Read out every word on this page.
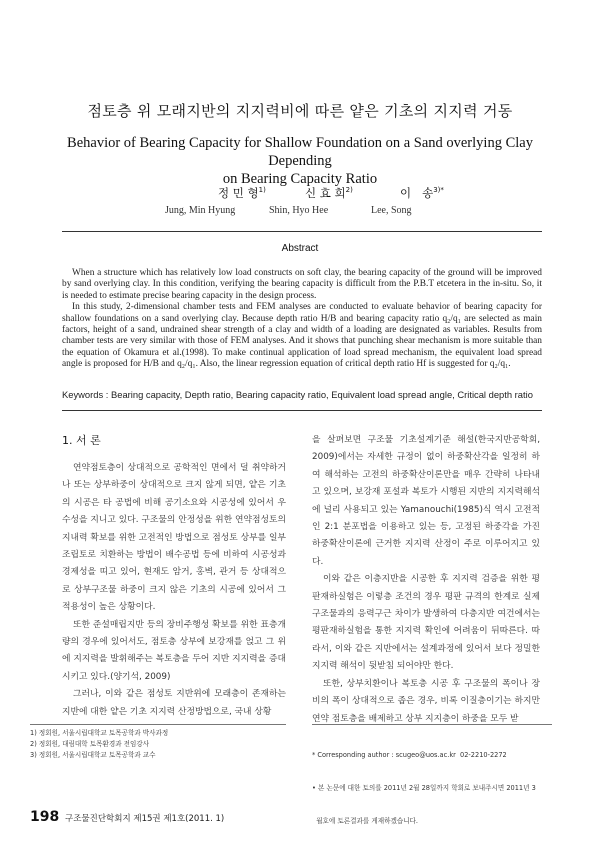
점토층 위 모래지반의 지지력비에 따른 얕은 기초의 지지력 거동
Behavior of Bearing Capacity for Shallow Foundation on a Sand overlying Clay Depending
on Bearing Capacity Ratio
정 민 형$^{1)}$
Jung, Min Hyung
신 효 희$^{2)}$
Shin, Hyo Hee
이   송$^{3)*}$
Lee, Song
Abstract

When a structure which has relatively low load constructs on soft clay, the bearing capacity of the ground will be improved by sand overlying clay. In this condition, verifying the bearing capacity is difficult from the P.B.T etcetera in the in-situ. So, it is needed to estimate precise bearing capacity in the design process.

In this study, 2-dimensional chamber tests and FEM analyses are conducted to evaluate behavior of bearing capacity for shallow foundations on a sand overlying clay. Because depth ratio H/B and bearing capacity ratio q₂/q₁ are selected as main factors, height of a sand, undrained shear strength of a clay and width of a loading are designated as variables. Results from chamber tests are very similar with those of FEM analyses. And it shows that punching shear mechanism is more suitable than the equation of Okamura et al.(1998). To make continual application of load spread mechanism, the equivalent load spread angle is proposed for H/B and q₂/q₁. Also, the linear regression equation of critical depth ratio Hf is suggested for q₂/q₁.

Keywords : Bearing capacity, Depth ratio, Bearing capacity ratio, Equivalent load spread angle, Critical depth ratio
1. 서 론

연약점토층이 상대적으로 공학적인 면에서 덜 취약하거나 또는 상부하중이 상대적으로 크지 않게 되면, 얕은 기초의 시공은 타 공법에 비해 공기소요와 시공성에 있어서 우수성을 지니고 있다. 구조물의 안정성을 위한 연약점성토의 지내력 확보를 위한 고전적인 방법으로 점성토 상부를 일부 조립토로 치환하는 방법이 배수공법 등에 비하여 시공성과 경제성을 띠고 있어, 현재도 암거, 홍벽, 관거 등 상대적으로 상부구조물 하중이 크지 않은 기초의 시공에 있어서 그 적용성이 높은 상황이다.

또한 준설매립지반 등의 장비주행성 확보를 위한 표층개량의 경우에 있어서도, 점토층 상부에 보강재를 얹고 그 위에 지지력을 발휘해주는 복토층을 두어 지반 지지력을 증대시키고 있다.(양기석, 2009)

그러나, 이와 같은 점성토 지반위에 모래층이 존재하는 지반에 대한 얕은 기초 지지력 산정방법으로, 국내 상황

을 살펴보면 구조물 기초설계기준 해설(한국지반공학회, 2009)에서는 자세한 규정이 없이 하중확산각을 일정히 하여 해석하는 고전의 하중확산이론만을 매우 간략히 나타내고 있으며, 보강재 포설과 복토가 시행된 지반의 지지력해석에 널리 사용되고 있는 Yamanouchi(1985)식 역시 고전적인 2:1 분포법을 이용하고 있는 등, 고정된 하중각을 가진 하중확산이론에 근거한 지지력 산정이 주로 이루어지고 있다.

이와 같은 이층지반을 시공한 후 지지력 검증을 위한 평판재하실험은 이렇층 조건의 경우 평판 규격의 한계로 실제 구조물과의 응력구근 차이가 발생하여 다층지반 여건에서는 평판재하실험을 통한 지지력 확인에 어려움이 뒤따른다. 따라서, 이와 같은 지반에서는 설계과정에 있어서 보다 정밀한 지지력 해석이 뒷받침 되어야만 한다.

또한, 상부치환이나 복토층 시공 후 구조물의 폭이나 장비의 폭이 상대적으로 좁은 경우, 비록 이질층이기는 하지만 연약 점토층을 배제하고 상부 지지층이 하중을 모두 받

1) 정회원, 서울시립대학교 토목공학과 박사과정
2) 정회원, 대림대학 토목환경과 전임강사
3) 정회원, 서울시립대학교 토목공학과 교수

	* Corresponding author : scugeo@uos.ac.kr  02-2210-2272

• 본 논문에 대한 토의를 2011년 2월 28일까지 학회로 보내주시면 2011년 3

월호에 토론결과를 게재하겠습니다.

198 구조물진단학회지 제15권 제1호(2011. 1)
